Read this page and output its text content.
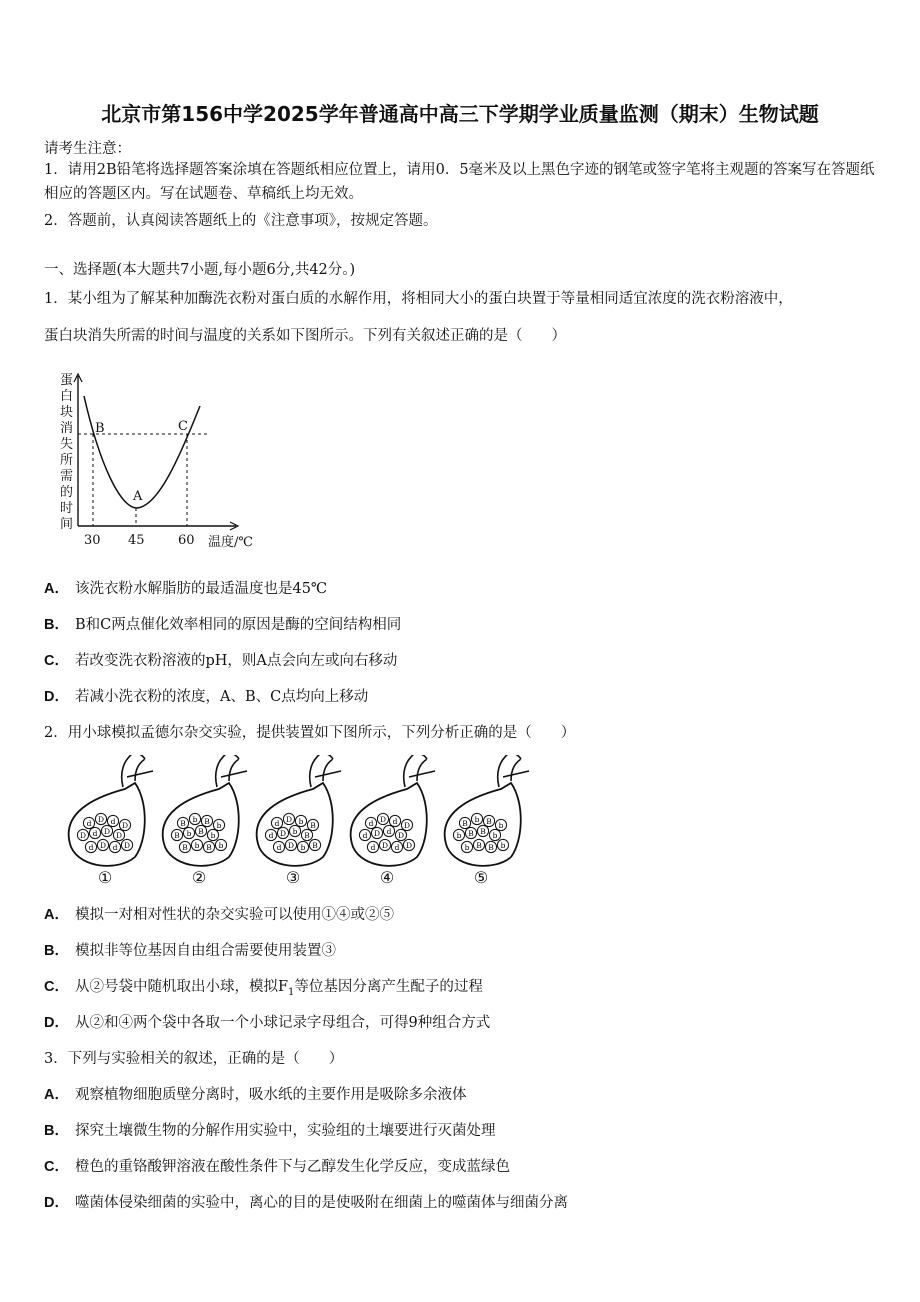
北京市第156中学2025学年普通高中高三下学期学业质量监测（期末）生物试题
请考生注意：
1．请用2B铅笔将选择题答案涂填在答题纸相应位置上，请用0．5毫米及以上黑色字迹的钢笔或签字笔将主观题的答案写在答题纸相应的答题区内。写在试题卷、草稿纸上均无效。
2．答题前，认真阅读答题纸上的《注意事项》，按规定答题。
一、选择题(本大题共7小题,每小题6分,共42分。)
1．某小组为了解某种加酶洗衣粉对蛋白质的水解作用，将相同大小的蛋白块置于等量相同适宜浓度的洗衣粉溶液中，
蛋白块消失所需的时间与温度的关系如下图所示。下列有关叙述正确的是（　　）
蛋
白
块
消
失
所
需
的
时
间
B	C
A
30 45	60 温度/℃
A． 该洗衣粉水解脂肪的最适温度也是45℃
B． B和C两点催化效率相同的原因是酶的空间结构相同
C． 若改变洗衣粉溶液的pH，则A点会向左或向右移动
D． 若减小洗衣粉的浓度，A、B、C点均向上移动
2．用小球模拟孟德尔杂交实验，提供装置如下图所示，下列分析正确的是（　　）
d D d D
D d D D
d D d D
①
B b B b
B b B b
B b B b
②
d D b B
d D b B
d D b B
③
d D d D
d D d D
d D d D
④
B b B b
b B B b
b B B b
⑤
A． 模拟一对相对性状的杂交实验可以使用①④或②⑤
B． 模拟非等位基因自由组合需要使用装置③
C． 从②号袋中随机取出小球，模拟$F_1$等位基因分离产生配子的过程
D． 从②和④两个袋中各取一个小球记录字母组合，可得9种组合方式
3．下列与实验相关的叙述，正确的是（　　）
A． 观察植物细胞质壁分离时，吸水纸的主要作用是吸除多余液体
B． 探究土壤微生物的分解作用实验中，实验组的土壤要进行灭菌处理
C． 橙色的重铬酸钾溶液在酸性条件下与乙醇发生化学反应，变成蓝绿色
D． 噬菌体侵染细菌的实验中，离心的目的是使吸附在细菌上的噬菌体与细菌分离
